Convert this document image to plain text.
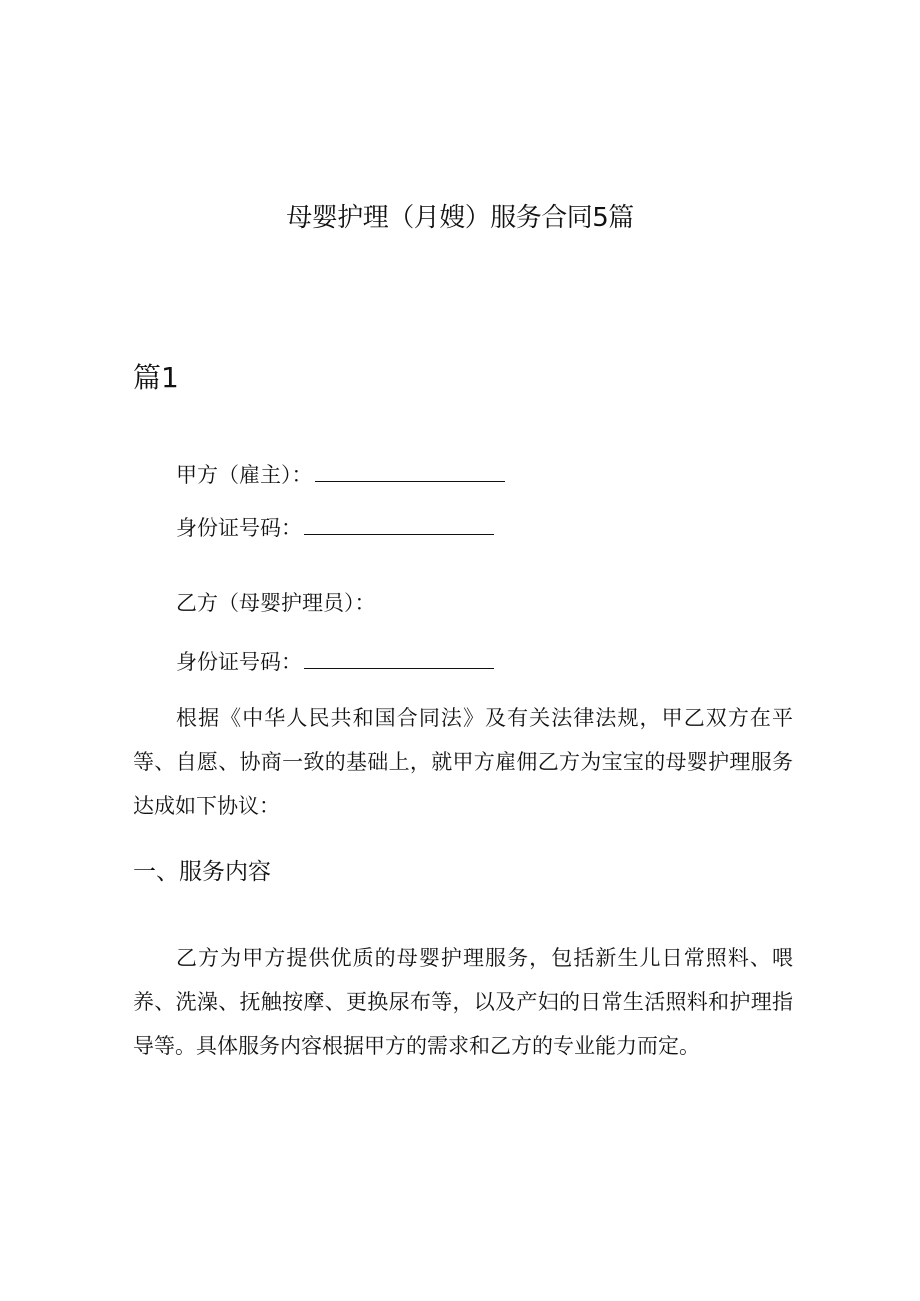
母婴护理（月嫂）服务合同5篇
篇1
甲方（雇主）：
身份证号码：
乙方（母婴护理员）：
身份证号码：

根据《中华人民共和国合同法》及有关法律法规，甲乙双方在平等、自愿、协商一致的基础上，就甲方雇佣乙方为宝宝的母婴护理服务达成如下协议：

一、服务内容

乙方为甲方提供优质的母婴护理服务，包括新生儿日常照料、喂养、洗澡、抚触按摩、更换尿布等，以及产妇的日常生活照料和护理指导等。具体服务内容根据甲方的需求和乙方的专业能力而定。
